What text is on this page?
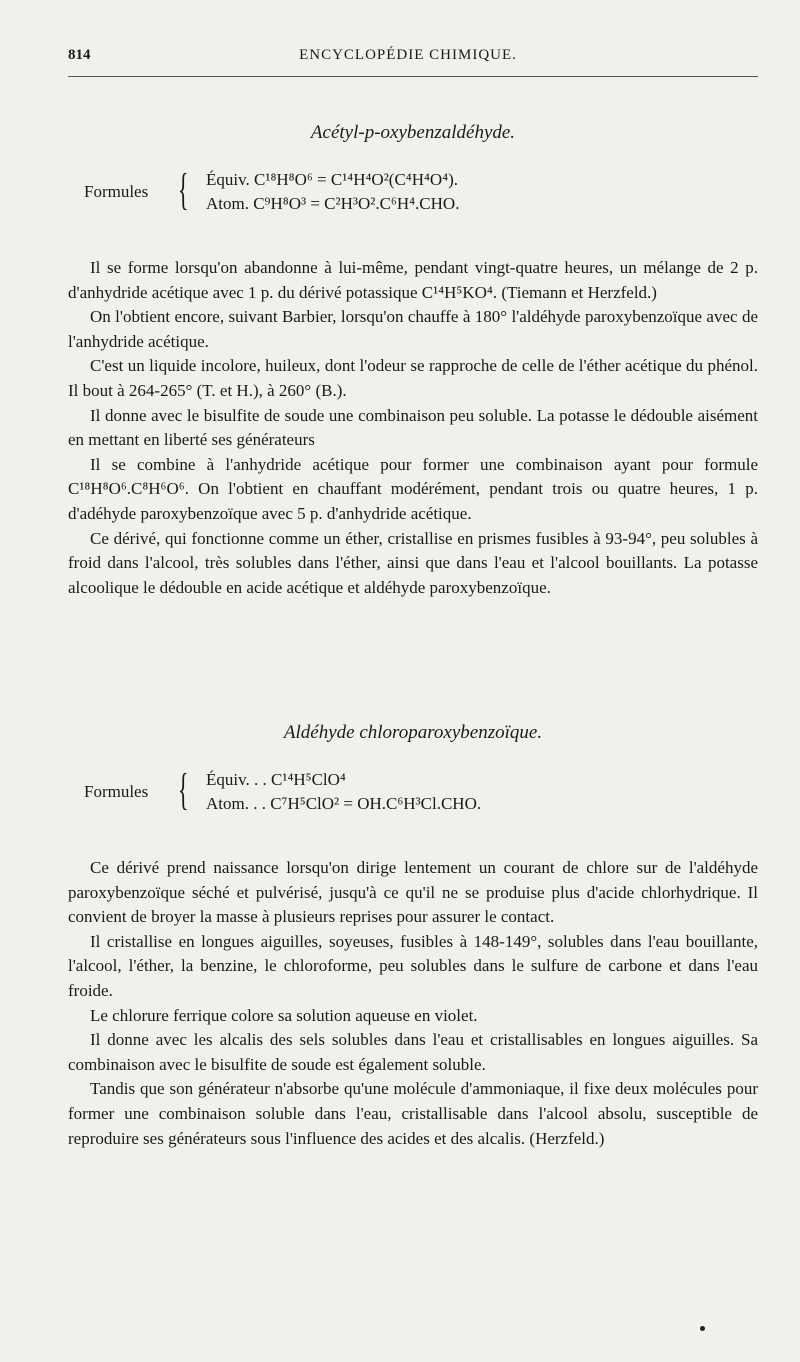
814	ENCYCLOPÉDIE CHIMIQUE.
Acétyl-p-oxybenzaldéhyde.
Formules { Équiv. C¹⁸H⁸O⁶ = C¹⁴H⁴O²(C⁴H⁴O⁴).
Atom. C⁹H⁸O³ = C²H³O².C⁶H⁴.CHO.

Il se forme lorsqu'on abandonne à lui-même, pendant vingt-quatre heures, un mélange de 2 p. d'anhydride acétique avec 1 p. du dérivé potassique C¹⁴H⁵KO⁴. (Tiemann et Herzfeld.)

On l'obtient encore, suivant Barbier, lorsqu'on chauffe à 180° l'aldéhyde paroxybenzoïque avec de l'anhydride acétique.

C'est un liquide incolore, huileux, dont l'odeur se rapproche de celle de l'éther acétique du phénol. Il bout à 264-265° (T. et H.), à 260° (B.).

Il donne avec le bisulfite de soude une combinaison peu soluble. La potasse le dédouble aisément en mettant en liberté ses générateurs

Il se combine à l'anhydride acétique pour former une combinaison ayant pour formule C¹⁸H⁸O⁶.C⁸H⁶O⁶. On l'obtient en chauffant modérément, pendant trois ou quatre heures, 1 p. d'adéhyde paroxybenzoïque avec 5 p. d'anhydride acétique.

Ce dérivé, qui fonctionne comme un éther, cristallise en prismes fusibles à 93-94°, peu solubles à froid dans l'alcool, très solubles dans l'éther, ainsi que dans l'eau et l'alcool bouillants. La potasse alcoolique le dédouble en acide acétique et aldéhyde paroxybenzoïque.

Aldéhyde chloroparoxybenzoïque.
Formules { Équiv. . . C¹⁴H⁵ClO⁴
Atom. . . C⁷H⁵ClO² = OH.C⁶H³Cl.CHO.

Ce dérivé prend naissance lorsqu'on dirige lentement un courant de chlore sur de l'aldéhyde paroxybenzoïque séché et pulvérisé, jusqu'à ce qu'il ne se produise plus d'acide chlorhydrique. Il convient de broyer la masse à plusieurs reprises pour assurer le contact.

Il cristallise en longues aiguilles, soyeuses, fusibles à 148-149°, solubles dans l'eau bouillante, l'alcool, l'éther, la benzine, le chloroforme, peu solubles dans le sulfure de carbone et dans l'eau froide.

Le chlorure ferrique colore sa solution aqueuse en violet.

Il donne avec les alcalis des sels solubles dans l'eau et cristallisables en longues aiguilles. Sa combinaison avec le bisulfite de soude est également soluble.

Tandis que son générateur n'absorbe qu'une molécule d'ammoniaque, il fixe deux molécules pour former une combinaison soluble dans l'eau, cristallisable dans l'alcool absolu, susceptible de reproduire ses générateurs sous l'influence des acides et des alcalis. (Herzfeld.)
